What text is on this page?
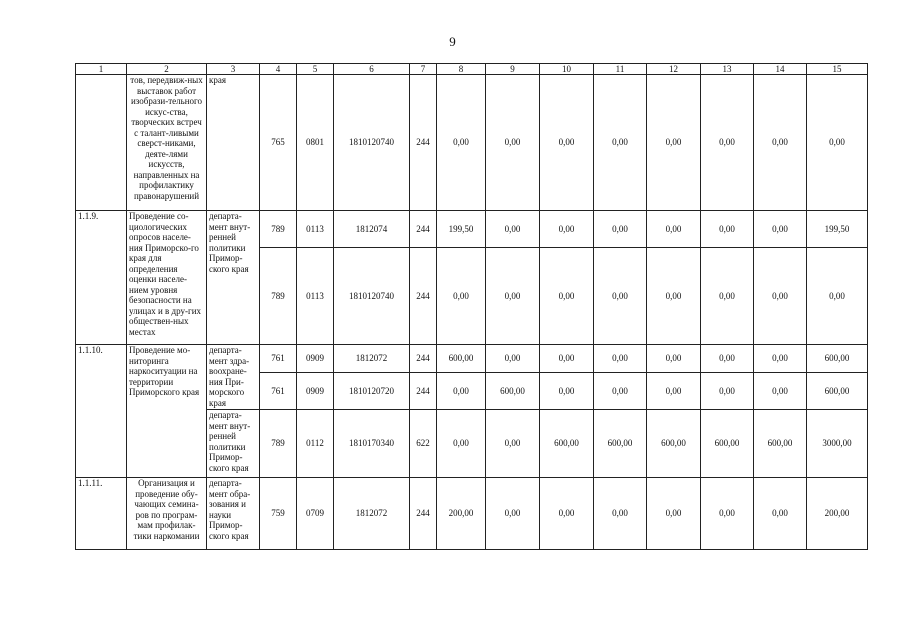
9
1	2	3	4	5	6	7	8	9	10	11	12	13	14	15
	тов, передвиж-ных выставок работ изобрази-тельного искус-ства, творческих встреч с талант-ливыми сверст-никами, деяте-лями искусств, направленных на профилактику правонарушений	края	765	0801	1810120740	244	0,00	0,00	0,00	0,00	0,00	0,00	0,00	0,00
1.1.9.	Проведение со-циологических опросов населе-ния Приморско-го края для определения оценки населе-нием уровня безопасности на улицах и в дру-гих обществен-ных местах	департа-мент внут-ренней политики Примор-ского края	789	0113	1812074	244	199,50	0,00	0,00	0,00	0,00	0,00	0,00	199,50
			789	0113	1810120740	244	0,00	0,00	0,00	0,00	0,00	0,00	0,00	0,00
1.1.10.	Проведение мо-ниторинга наркоситуации на территории Приморского края	департа-мент здра-воохране-ния При-морского края	761	0909	1812072	244	600,00	0,00	0,00	0,00	0,00	0,00	0,00	600,00
			761	0909	1810120720	244	0,00	600,00	0,00	0,00	0,00	0,00	0,00	600,00
		департа-мент внут-ренней политики Примор-ского края	789	0112	1810170340	622	0,00	0,00	600,00	600,00	600,00	600,00	600,00	3000,00
1.1.11.	Организация и проведение обу-чающих семина-ров по програм-мам профилак-тики наркомании	департа-мент обра-зования и науки Примор-ского края	759	0709	1812072	244	200,00	0,00	0,00	0,00	0,00	0,00	0,00	200,00
